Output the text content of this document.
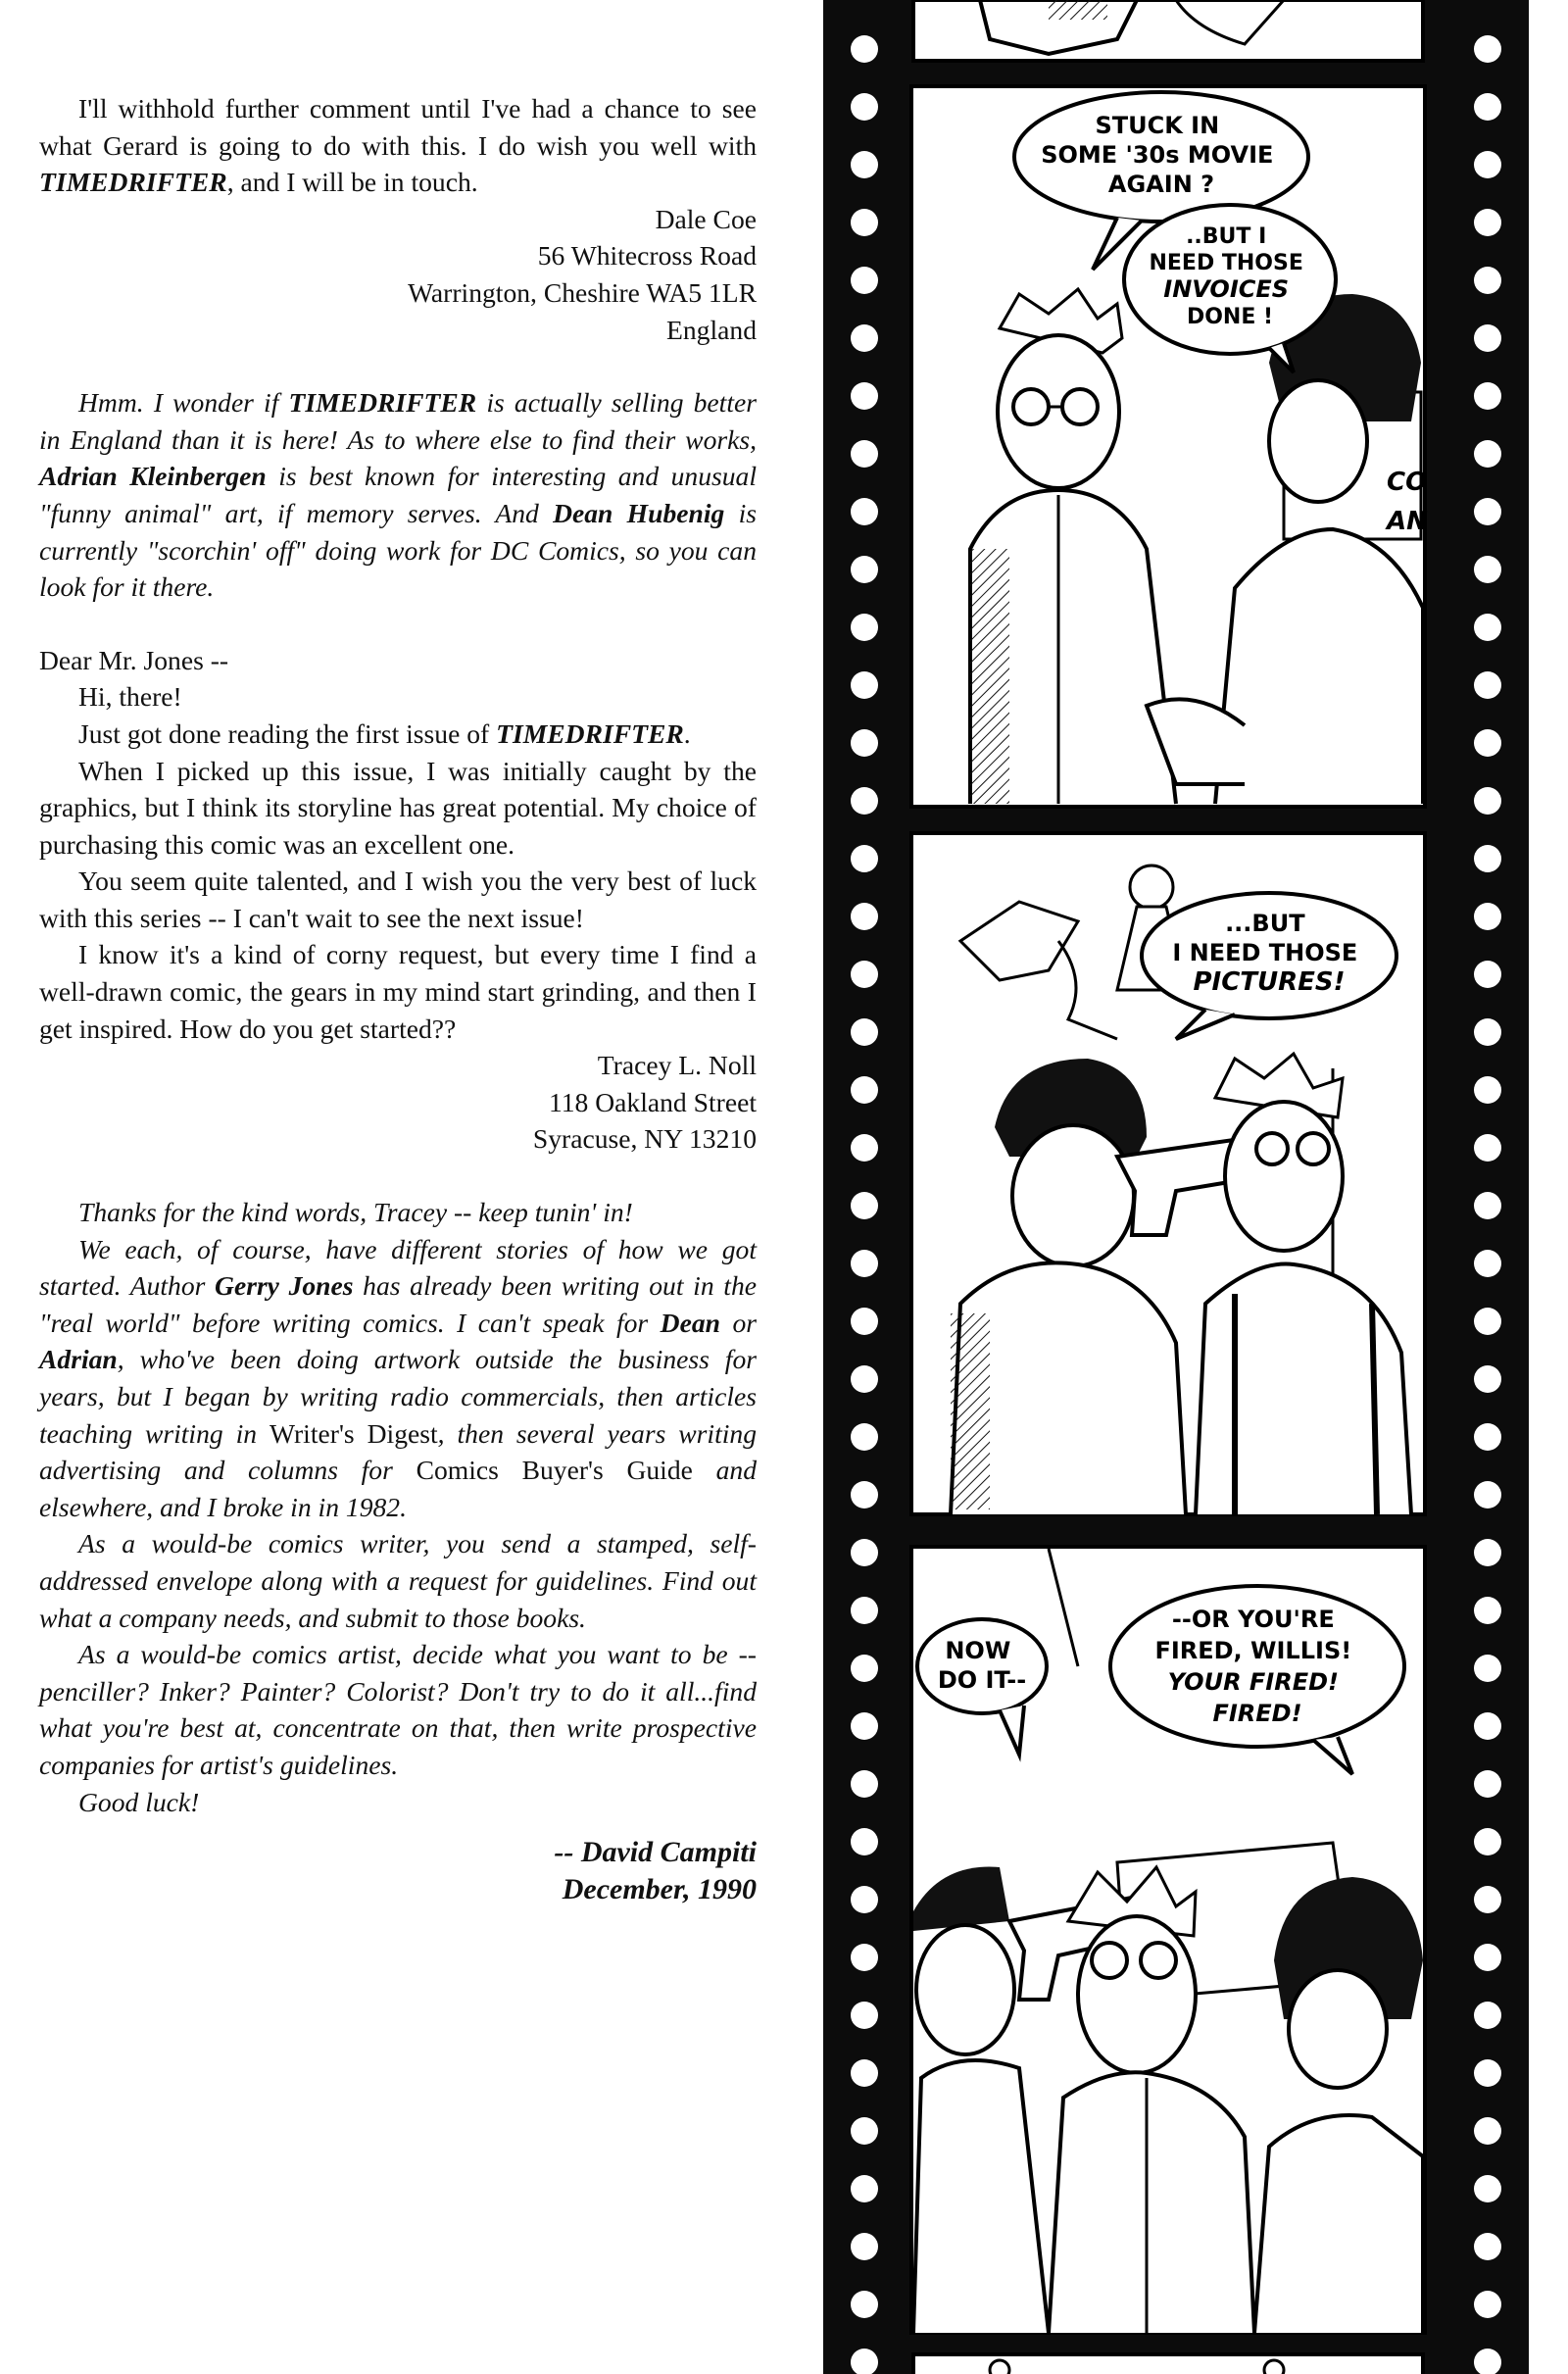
I'll withhold further comment until I've had a chance to see what Gerard is going to do with this. I do wish you well with TIMEDRIFTER, and I will be in touch.

Dale Coe

56 Whitecross Road

Warrington, Cheshire WA5 1LR

England

Hmm. I wonder if TIMEDRIFTER is actually selling better in England than it is here! As to where else to find their works, Adrian Kleinbergen is best known for interesting and unusual "funny animal" art, if memory serves. And Dean Hubenig is currently "scorchin' off" doing work for DC Comics, so you can look for it there.

Dear Mr. Jones --

Hi, there!

Just got done reading the first issue of TIMEDRIFTER.

When I picked up this issue, I was initially caught by the graphics, but I think its storyline has great potential. My choice of purchasing this comic was an excellent one.

You seem quite talented, and I wish you the very best of luck with this series -- I can't wait to see the next issue!

I know it's a kind of corny request, but every time I find a well-drawn comic, the gears in my mind start grinding, and then I get inspired. How do you get started??

Tracey L. Noll

118 Oakland Street

Syracuse, NY 13210

Thanks for the kind words, Tracey -- keep tunin' in!

We each, of course, have different stories of how we got started. Author Gerry Jones has already been writing out in the "real world" before writing comics. I can't speak for Dean or Adrian, who've been doing artwork outside the business for years, but I began by writing radio commercials, then articles teaching writing in Writer's Digest, then several years writing advertising and columns for Comics Buyer's Guide and elsewhere, and I broke in in 1982.

As a would-be comics writer, you send a stamped, self-addressed envelope along with a request for guidelines. Find out what a company needs, and submit to those books.

As a would-be comics artist, decide what you want to be -- penciller? Inker? Painter? Colorist? Don't try to do it all...find what you're best at, concentrate on that, then write prospective companies for artist's guidelines.

Good luck!

-- David Campiti

December, 1990

CO
AN
STUCK IN SOME '30s MOVIE AGAIN ?
..BUT I NEED THOSE INVOICES DONE !
...BUT I NEED THOSE PICTURES!
NOW DO IT--
--OR YOU'RE FIRED, WILLIS! YOUR FIRED! FIRED!
